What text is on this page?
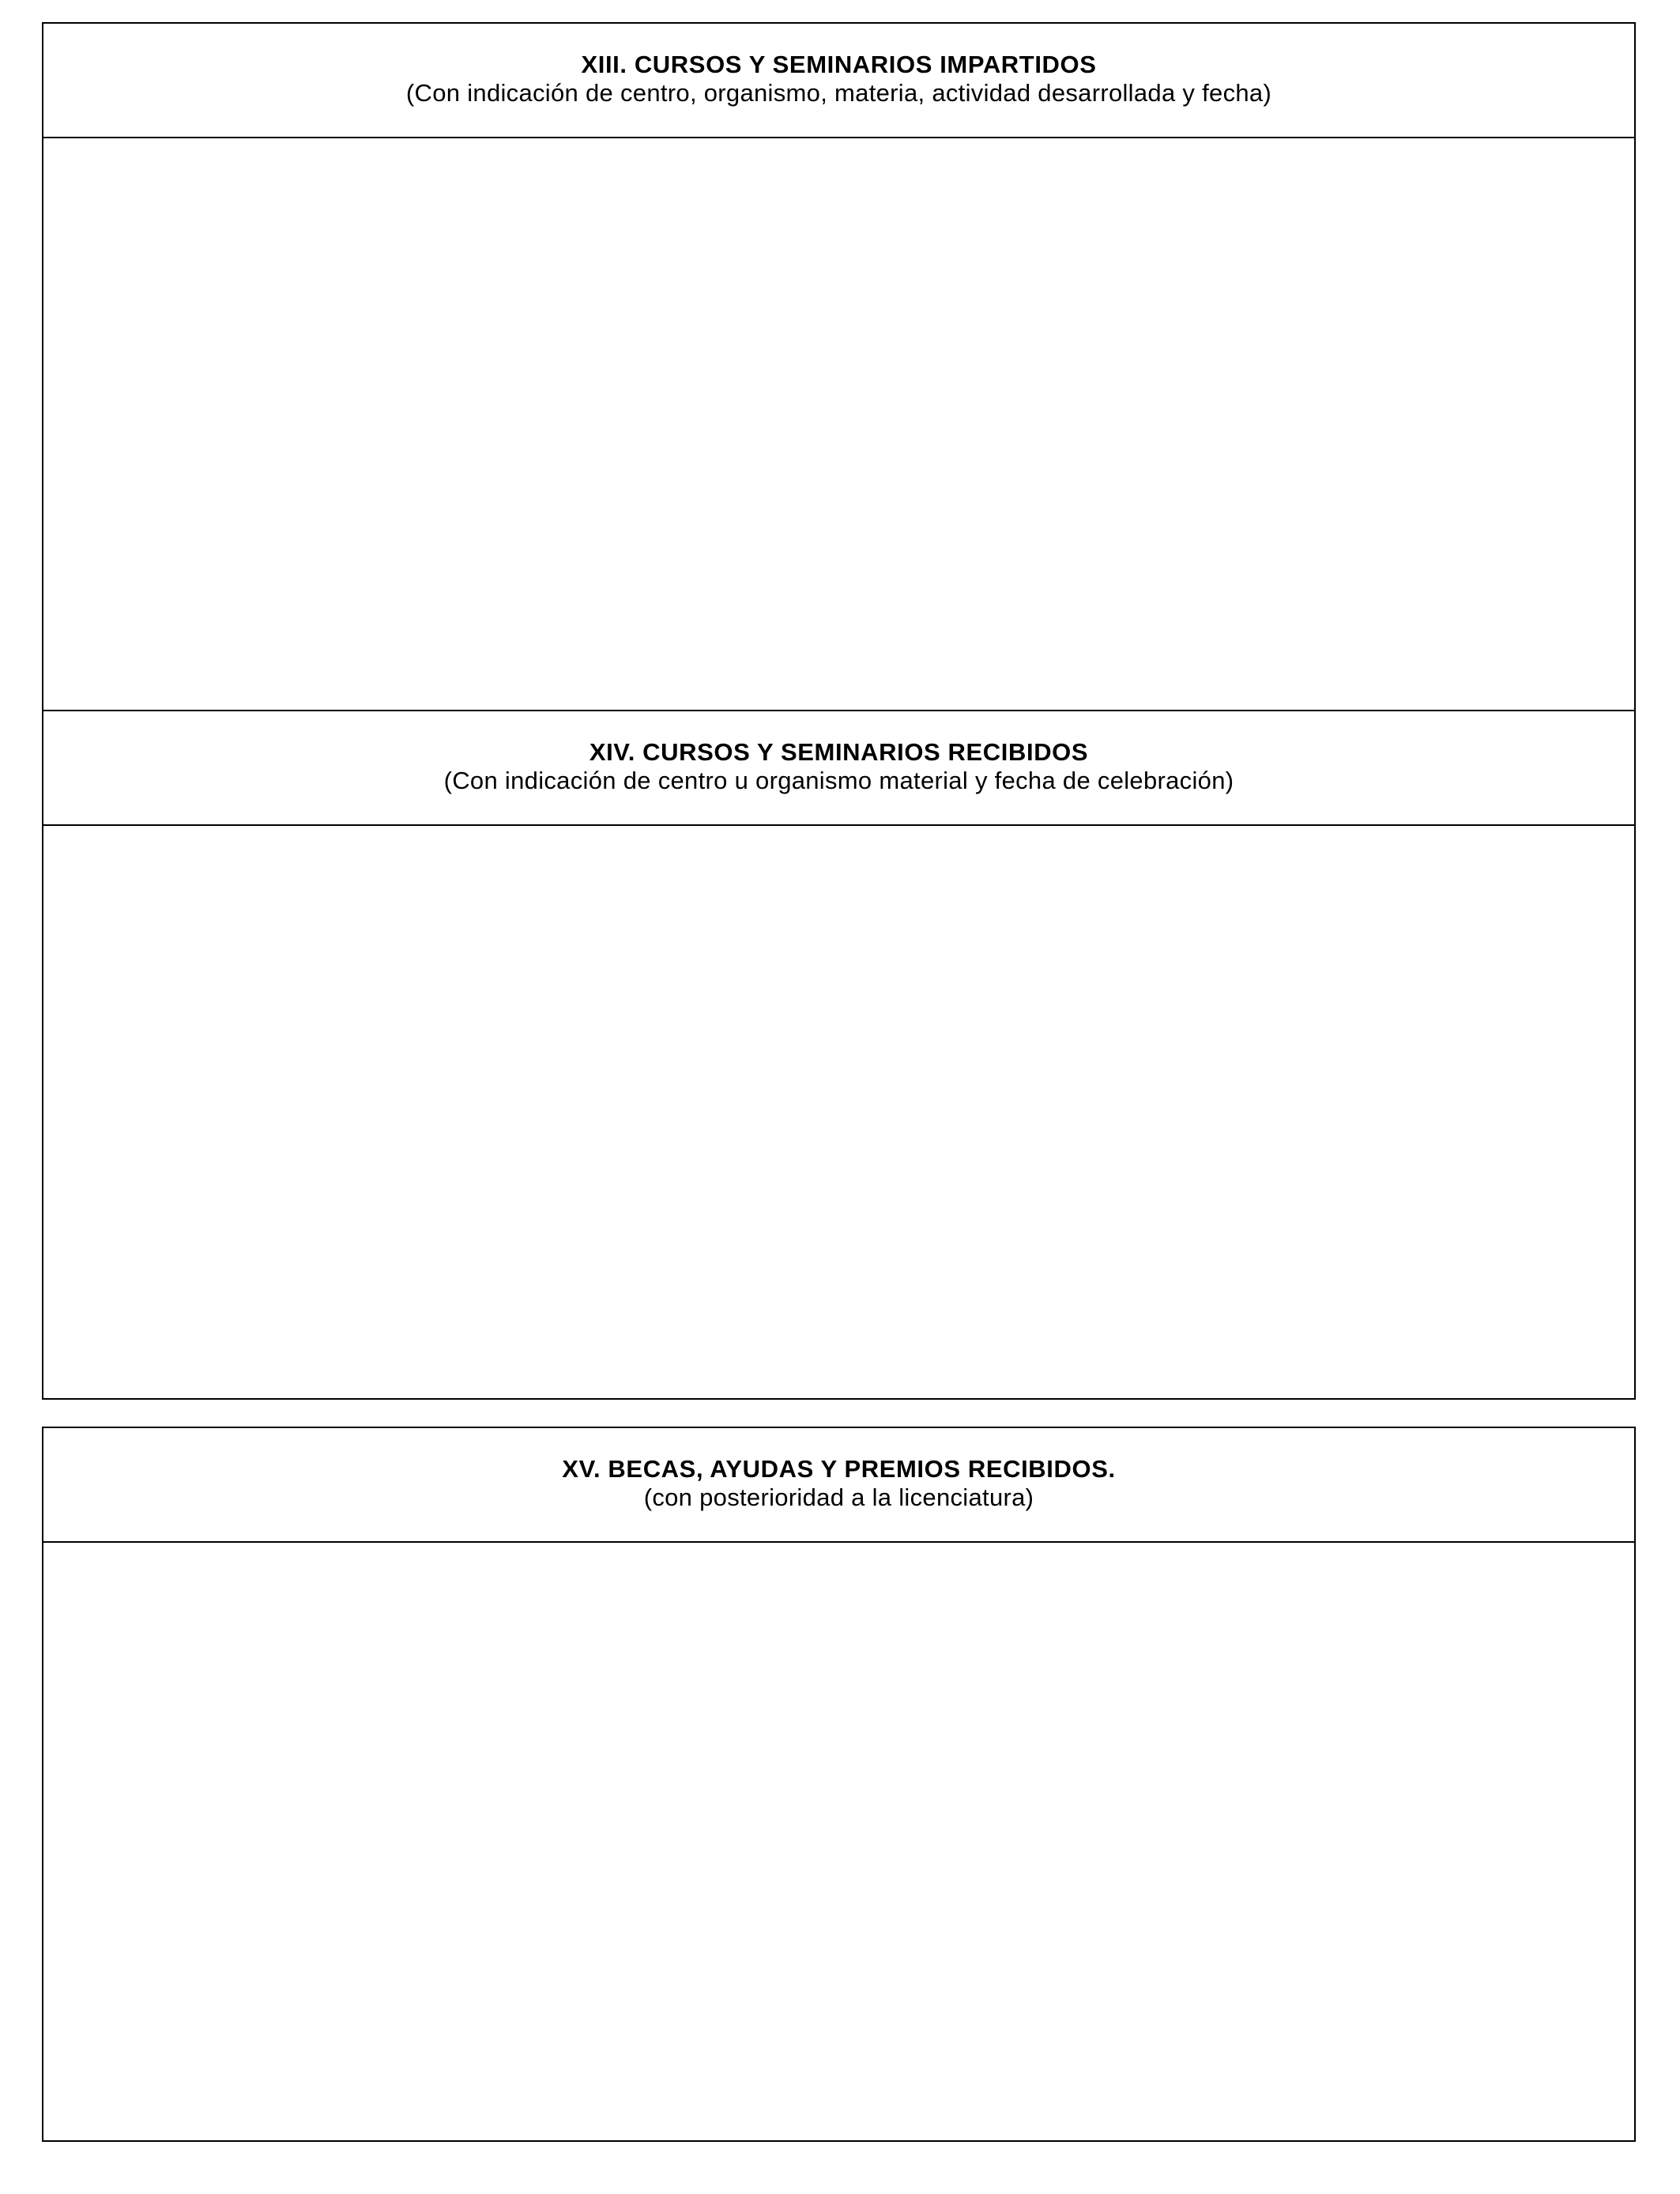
XIII. CURSOS Y SEMINARIOS IMPARTIDOS
(Con indicación de centro, organismo, materia, actividad desarrollada y fecha)
XIV. CURSOS Y SEMINARIOS RECIBIDOS
(Con indicación de centro u organismo material y fecha de celebración)
XV. BECAS, AYUDAS Y PREMIOS RECIBIDOS.
(con posterioridad a la licenciatura)
